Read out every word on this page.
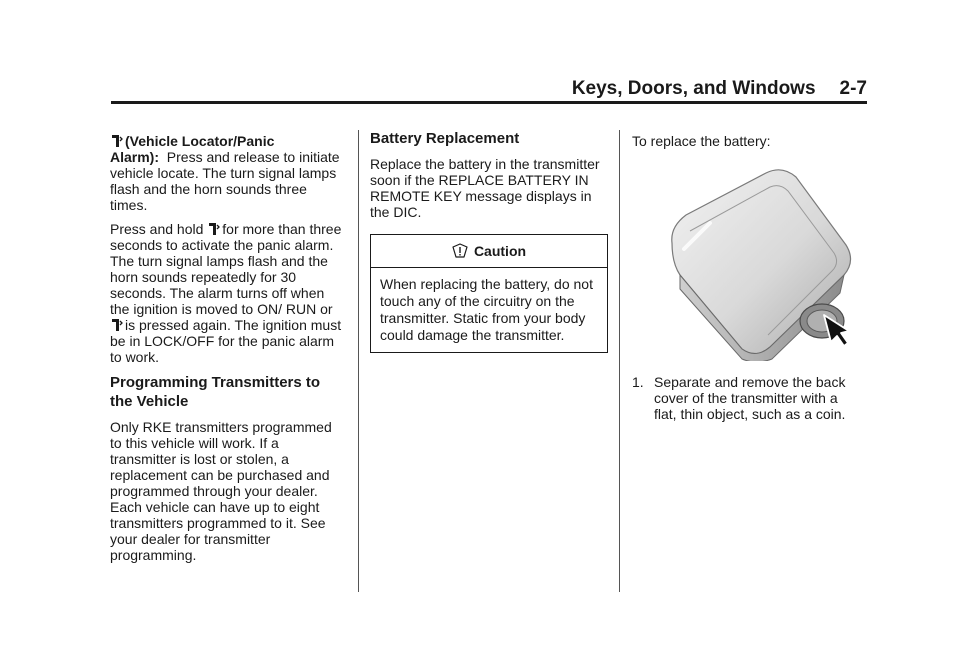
Keys, Doors, and Windows 2-7

(Vehicle Locator/Panic Alarm): Press and release to initiate vehicle locate. The turn signal lamps flash and the horn sounds three times.

Press and hold for more than three seconds to activate the panic alarm. The turn signal lamps flash and the horn sounds repeatedly for 30 seconds. The alarm turns off when the ignition is moved to ON/ RUN or is pressed again. The ignition must be in LOCK/OFF for the panic alarm to work.

Programming Transmitters to the Vehicle

Only RKE transmitters programmed to this vehicle will work. If a transmitter is lost or stolen, a replacement can be purchased and programmed through your dealer. Each vehicle can have up to eight transmitters programmed to it. See your dealer for transmitter programming.

Battery Replacement

Replace the battery in the transmitter soon if the REPLACE BATTERY IN REMOTE KEY message displays in the DIC.

Caution
When replacing the battery, do not touch any of the circuitry on the transmitter. Static from your body could damage the transmitter.
To replace the battery:
1. Separate and remove the back cover of the transmitter with a flat, thin object, such as a coin.
